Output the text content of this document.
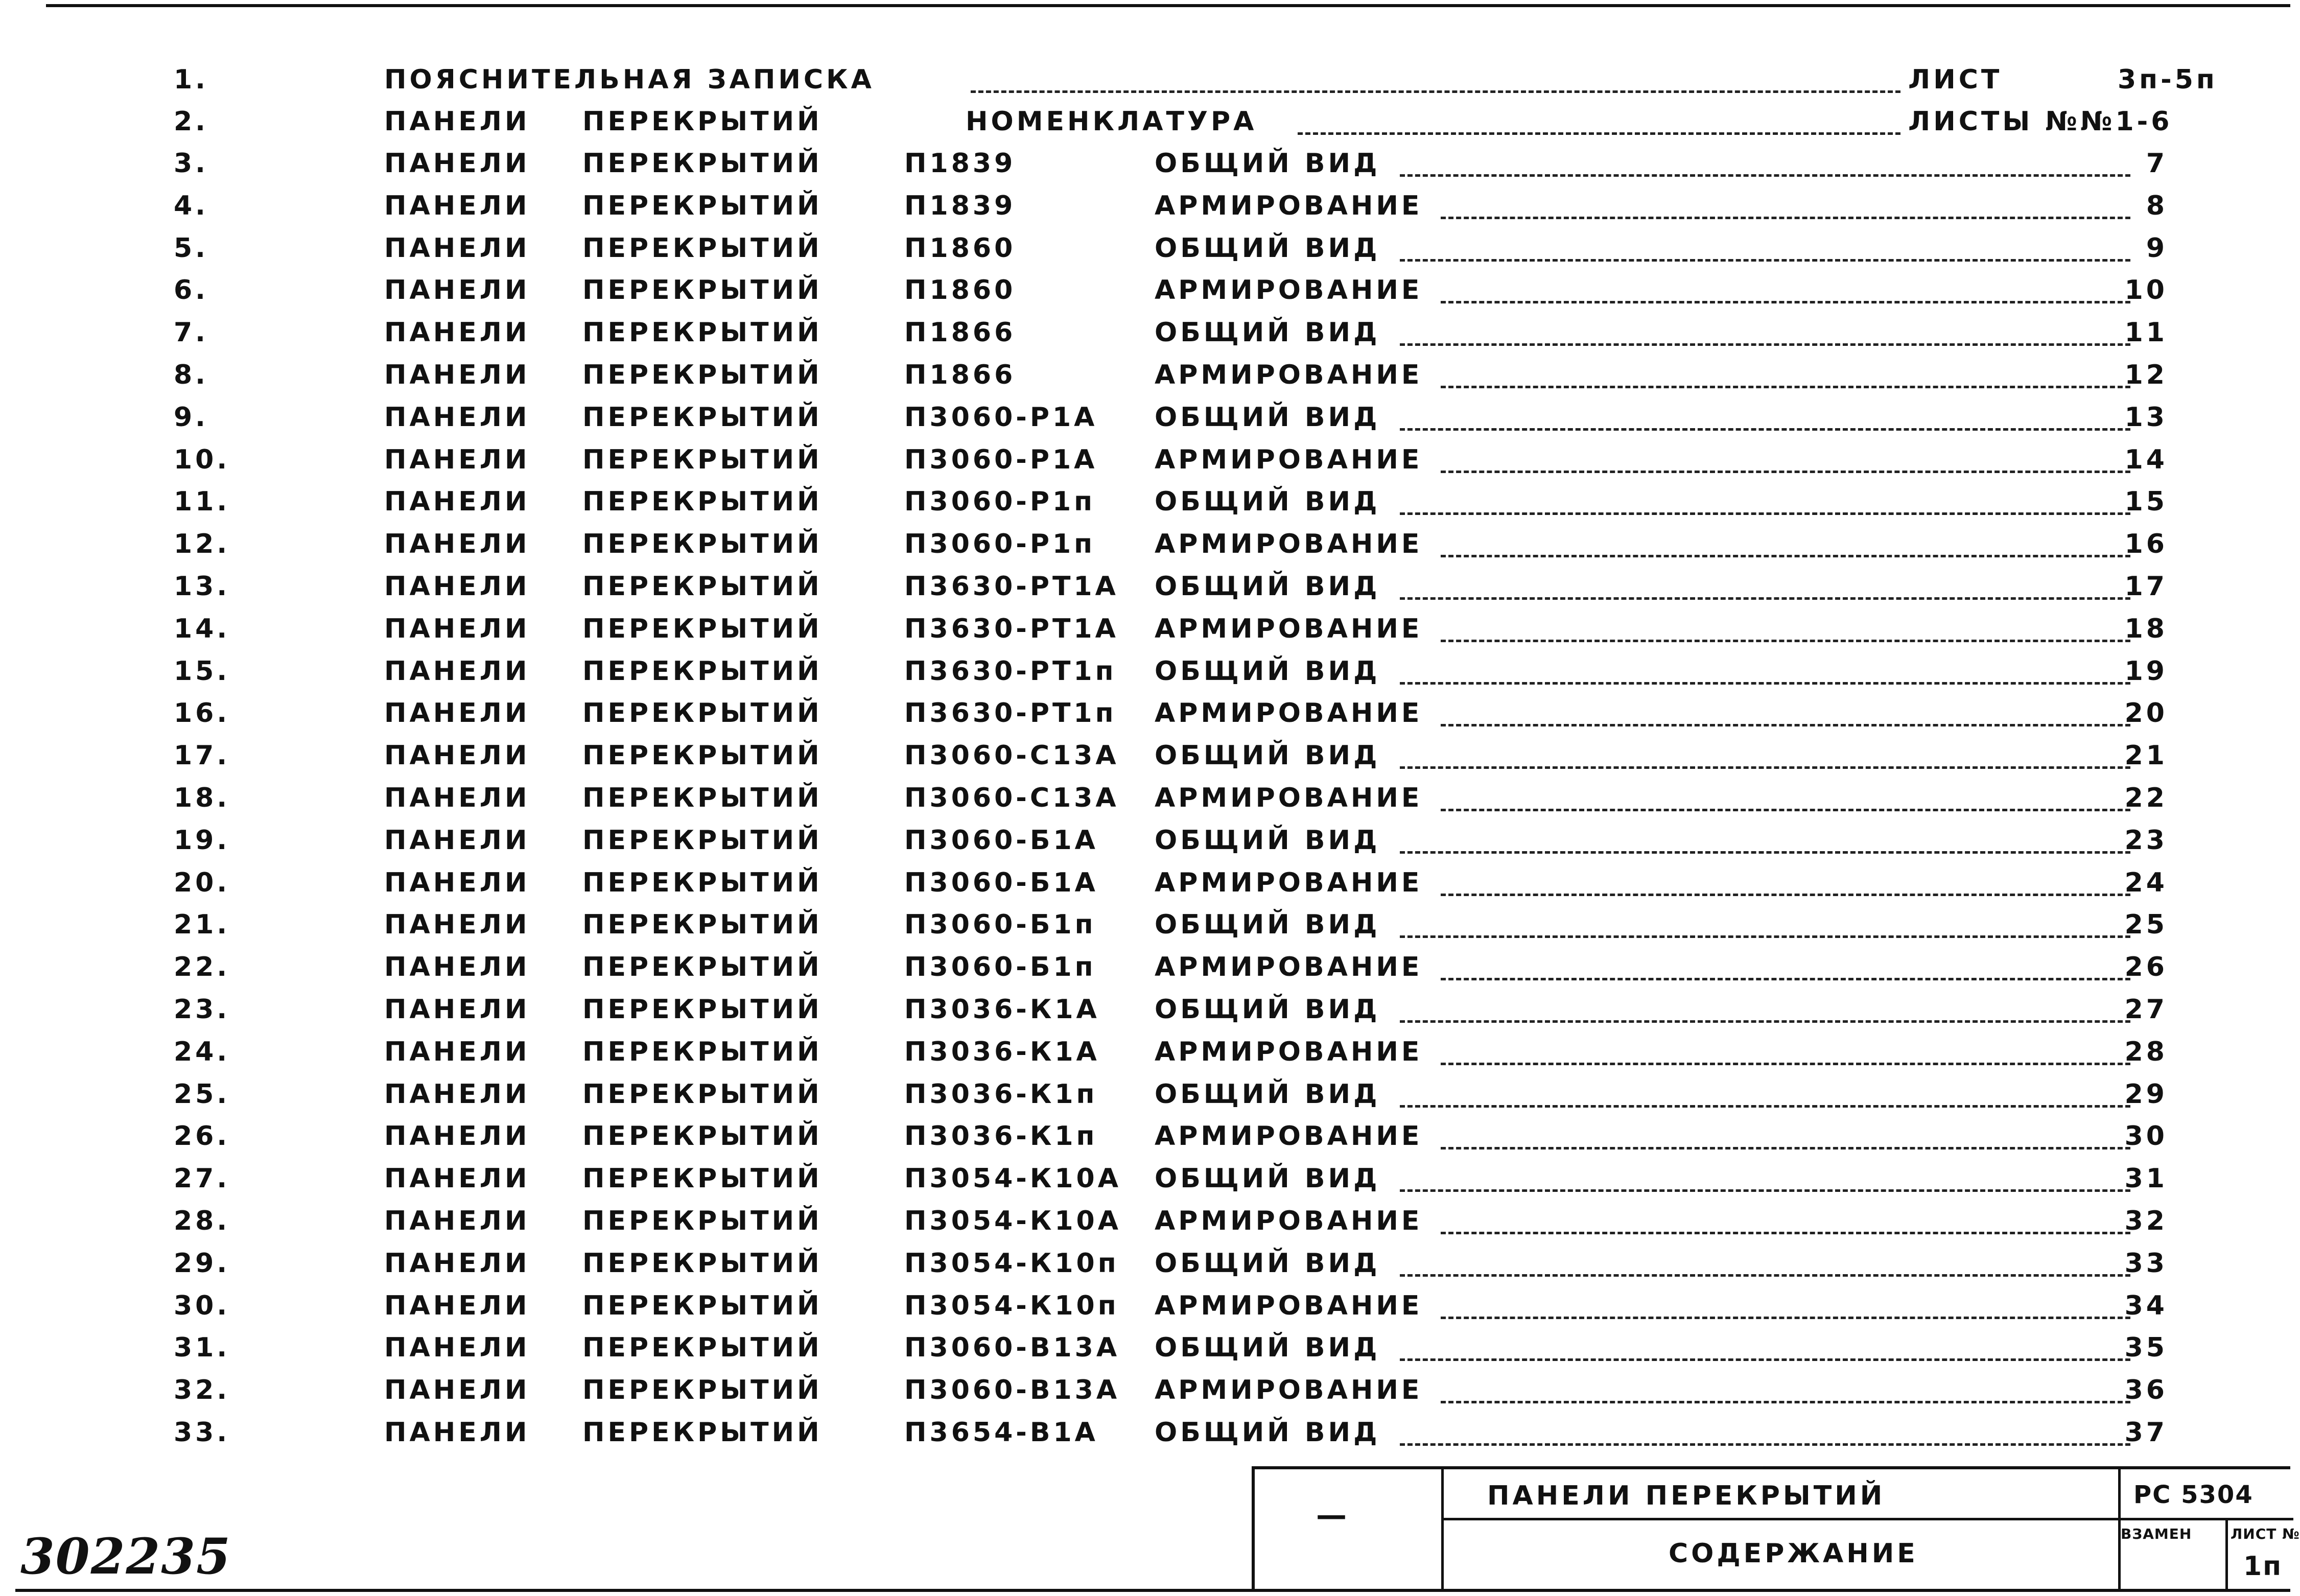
1.	ПОЯСНИТЕЛЬНАЯ ЗАПИСКА	ЛИСТ	3п-5п
2.	ПАНЕЛИ ПЕРЕКРЫТИЙ	НОМЕНКЛАТУРА	ЛИСТЫ №№1-6
3.	ПАНЕЛИ ПЕРЕКРЫТИЙ	П1839	ОБЩИЙ ВИД	7
4.	ПАНЕЛИ ПЕРЕКРЫТИЙ	П1839	АРМИРОВАНИЕ	8
5.	ПАНЕЛИ ПЕРЕКРЫТИЙ	П1860	ОБЩИЙ ВИД	9
6.	ПАНЕЛИ ПЕРЕКРЫТИЙ	П1860	АРМИРОВАНИЕ	10
7.	ПАНЕЛИ ПЕРЕКРЫТИЙ	П1866	ОБЩИЙ ВИД	11
8.	ПАНЕЛИ ПЕРЕКРЫТИЙ	П1866	АРМИРОВАНИЕ	12
9.	ПАНЕЛИ ПЕРЕКРЫТИЙ	П3060-Р1А ОБЩИЙ ВИД	13
10.	ПАНЕЛИ ПЕРЕКРЫТИЙ	П3060-Р1А АРМИРОВАНИЕ	14
11.	ПАНЕЛИ ПЕРЕКРЫТИЙ	П3060-Р1п ОБЩИЙ ВИД	15
12.	ПАНЕЛИ ПЕРЕКРЫТИЙ	П3060-Р1п АРМИРОВАНИЕ	16
13.	ПАНЕЛИ ПЕРЕКРЫТИЙ	П3630-РТ1А ОБЩИЙ ВИД	17
14.	ПАНЕЛИ ПЕРЕКРЫТИЙ	П3630-РТ1А АРМИРОВАНИЕ	18
15.	ПАНЕЛИ ПЕРЕКРЫТИЙ	П3630-РТ1п ОБЩИЙ ВИД	19
16.	ПАНЕЛИ ПЕРЕКРЫТИЙ	П3630-РТ1п АРМИРОВАНИЕ	20
17.	ПАНЕЛИ ПЕРЕКРЫТИЙ	П3060-С13А ОБЩИЙ ВИД	21
18.	ПАНЕЛИ ПЕРЕКРЫТИЙ	П3060-С13А АРМИРОВАНИЕ	22
19.	ПАНЕЛИ ПЕРЕКРЫТИЙ	П3060-Б1А ОБЩИЙ ВИД	23
20.	ПАНЕЛИ ПЕРЕКРЫТИЙ	П3060-Б1А АРМИРОВАНИЕ	24
21.	ПАНЕЛИ ПЕРЕКРЫТИЙ	П3060-Б1п ОБЩИЙ ВИД	25
22.	ПАНЕЛИ ПЕРЕКРЫТИЙ	П3060-Б1п АРМИРОВАНИЕ	26
23.	ПАНЕЛИ ПЕРЕКРЫТИЙ	П3036-К1А ОБЩИЙ ВИД	27
24.	ПАНЕЛИ ПЕРЕКРЫТИЙ	П3036-К1А АРМИРОВАНИЕ	28
25.	ПАНЕЛИ ПЕРЕКРЫТИЙ	П3036-К1п ОБЩИЙ ВИД	29
26.	ПАНЕЛИ ПЕРЕКРЫТИЙ	П3036-К1п АРМИРОВАНИЕ	30
27.	ПАНЕЛИ ПЕРЕКРЫТИЙ	П3054-К10А ОБЩИЙ ВИД	31
28.	ПАНЕЛИ ПЕРЕКРЫТИЙ	П3054-К10А АРМИРОВАНИЕ	32
29.	ПАНЕЛИ ПЕРЕКРЫТИЙ	П3054-К10п ОБЩИЙ ВИД	33
30.	ПАНЕЛИ ПЕРЕКРЫТИЙ	П3054-К10п АРМИРОВАНИЕ	34
31.	ПАНЕЛИ ПЕРЕКРЫТИЙ	П3060-В13А ОБЩИЙ ВИД	35
32.	ПАНЕЛИ ПЕРЕКРЫТИЙ	П3060-В13А АРМИРОВАНИЕ	36
33.	ПАНЕЛИ ПЕРЕКРЫТИЙ	П3654-В1А ОБЩИЙ ВИД	37
—
ПАНЕЛИ ПЕРЕКРЫТИЙ
СОДЕРЖАНИЕ
РС 5304
ВЗАМЕН	ЛИСТ №
1п
302235
